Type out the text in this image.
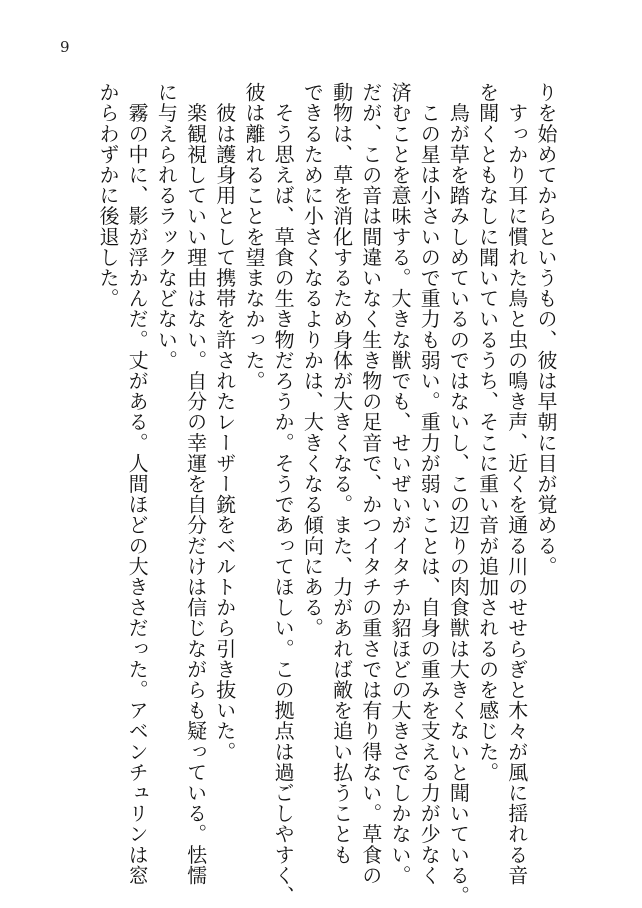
9
りを始めてからというもの、彼は早朝に目が覚める。
　すっかり耳に慣れた鳥と虫の鳴き声、近くを通る川のせせらぎと木々が風に揺れる音
を聞くともなしに聞いているうち、そこに重い音が追加されるのを感じた。
　鳥が草を踏みしめているのではないし、この辺りの肉食獣は大きくないと聞いている。
　この星は小さいので重力も弱い。重力が弱いことは、自身の重みを支える力が少なく
済むことを意味する。大きな獣でも、せいぜいがイタチか貂ほどの大きさでしかない。
だが、この音は間違いなく生き物の足音で、かつイタチの重さでは有り得ない。草食の
動物は、草を消化するため身体が大きくなる。また、力があれば敵を追い払うことも
できるために小さくなるよりかは、大きくなる傾向にある。
　そう思えば、草食の生き物だろうか。そうであってほしい。この拠点は過ごしやすく、
彼は離れることを望まなかった。
　彼は護身用として携帯を許されたレーザー銃をベルトから引き抜いた。
　楽観視していい理由はない。自分の幸運を自分だけは信じながらも疑っている。怯懦
に与えられるラックなどない。
　霧の中に、影が浮かんだ。丈がある。人間ほどの大きさだった。アベンチュリンは窓
からわずかに後退した。
